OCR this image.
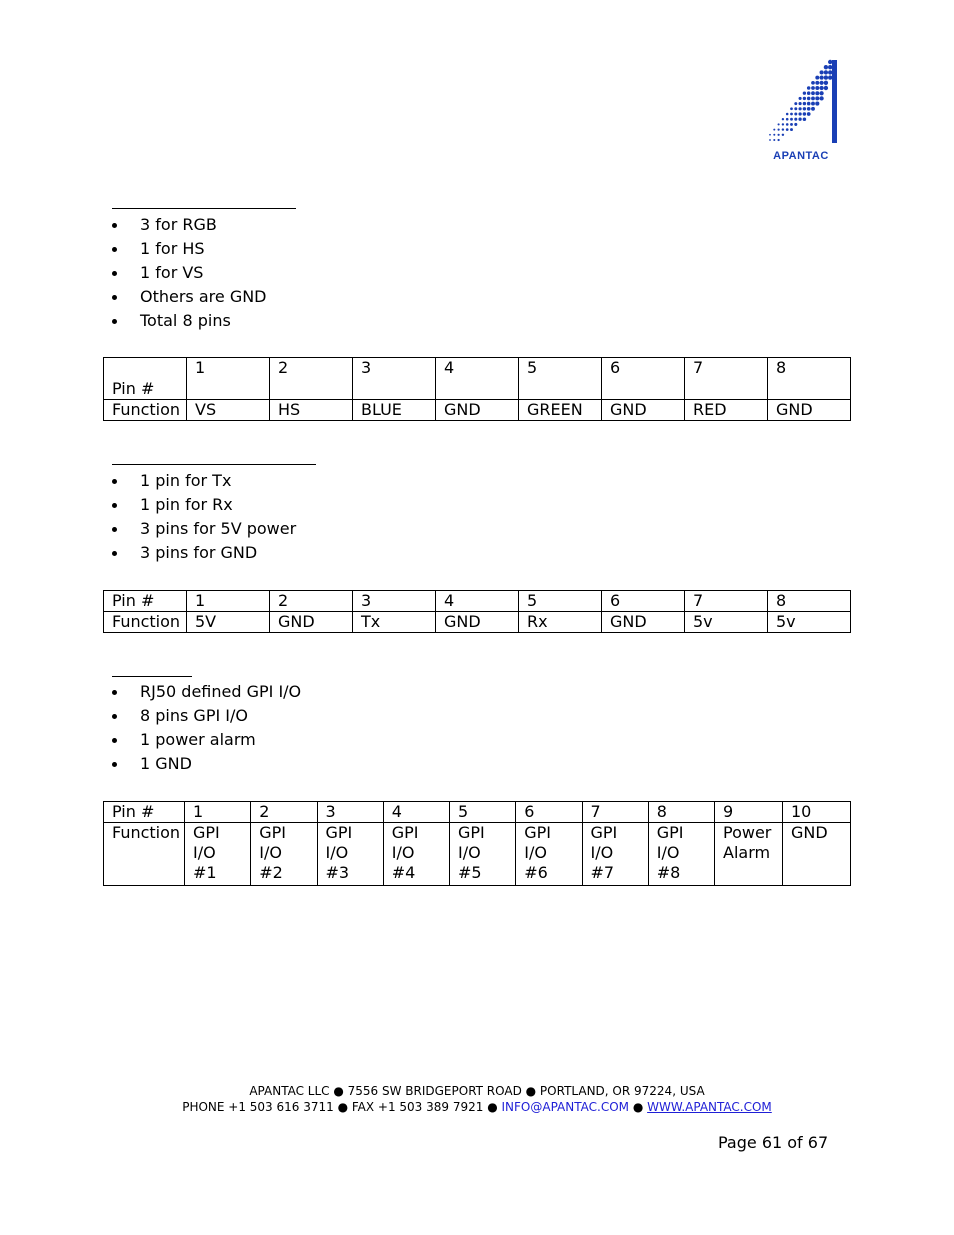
APANTAC
3 for RGB
1 for HS
1 for VS
Others are GND
Total 8 pins
Pin #	1	2	3	4	5	6	7	8
Function	VS	HS	BLUE	GND	GREEN	GND	RED	GND
1 pin for Tx
1 pin for Rx
3 pins for 5V power
3 pins for GND
Pin #	1	2	3	4	5	6	7	8
Function	5V	GND	Tx	GND	Rx	GND	5v	5v
RJ50 defined GPI I/O
8 pins GPI I/O
1 power alarm
1 GND
Pin #	1	2	3	4	5	6	7	8	9	10
Function	GPI I/O #1	GPI I/O #2	GPI I/O #3	GPI I/O #4	GPI I/O #5	GPI I/O #6	GPI I/O #7	GPI I/O #8	Power Alarm	GND
APANTAC LLC ● 7556 SW BRIDGEPORT ROAD ● PORTLAND, OR 97224, USA
PHONE +1 503 616 3711 ● FAX +1 503 389 7921 ● INFO@APANTAC.COM ● WWW.APANTAC.COM
Page 61 of 67
